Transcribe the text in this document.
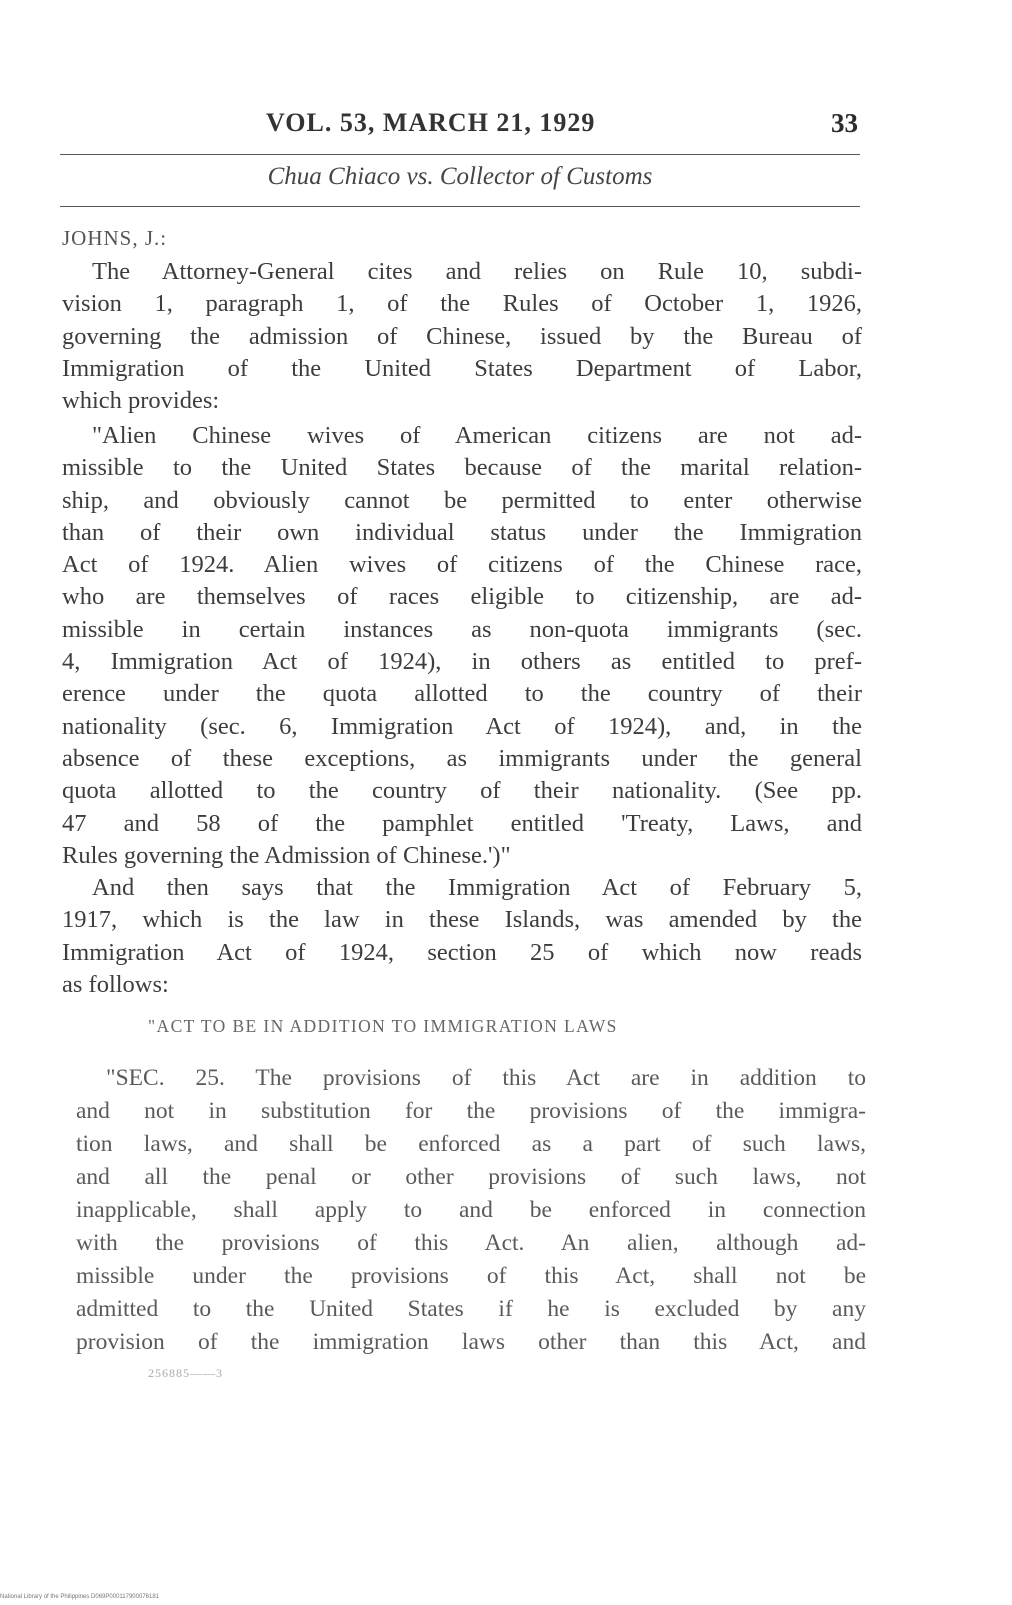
VOL. 53, MARCH 21, 1929	33
Chua Chiaco vs. Collector of Customs
JOHNS, J.:
The Attorney-General cites and relies on Rule 10, subdi-
vision 1, paragraph 1, of the Rules of October 1, 1926,
governing the admission of Chinese, issued by the Bureau of
Immigration of the United States Department of Labor,
which provides:
"Alien Chinese wives of American citizens are not ad-
missible to the United States because of the marital relation-
ship, and obviously cannot be permitted to enter otherwise
than of their own individual status under the Immigration
Act of 1924. Alien wives of citizens of the Chinese race,
who are themselves of races eligible to citizenship, are ad-
missible in certain instances as non-quota immigrants (sec.
4, Immigration Act of 1924), in others as entitled to pref-
erence under the quota allotted to the country of their
nationality (sec. 6, Immigration Act of 1924), and, in the
absence of these exceptions, as immigrants under the general
quota allotted to the country of their nationality. (See pp.
47 and 58 of the pamphlet entitled 'Treaty, Laws, and
Rules governing the Admission of Chinese.')"
And then says that the Immigration Act of February 5,
1917, which is the law in these Islands, was amended by the
Immigration Act of 1924, section 25 of which now reads
as follows:
"ACT TO BE IN ADDITION TO IMMIGRATION LAWS
"SEC. 25. The provisions of this Act are in addition to
and not in substitution for the provisions of the immigra-
tion laws, and shall be enforced as a part of such laws,
and all the penal or other provisions of such laws, not
inapplicable, shall apply to and be enforced in connection
with the provisions of this Act. An alien, although ad-
missible under the provisions of this Act, shall not be
admitted to the United States if he is excluded by any
provision of the immigration laws other than this Act, and
256885——3
National Library of the Philippines D069P000117900076181
